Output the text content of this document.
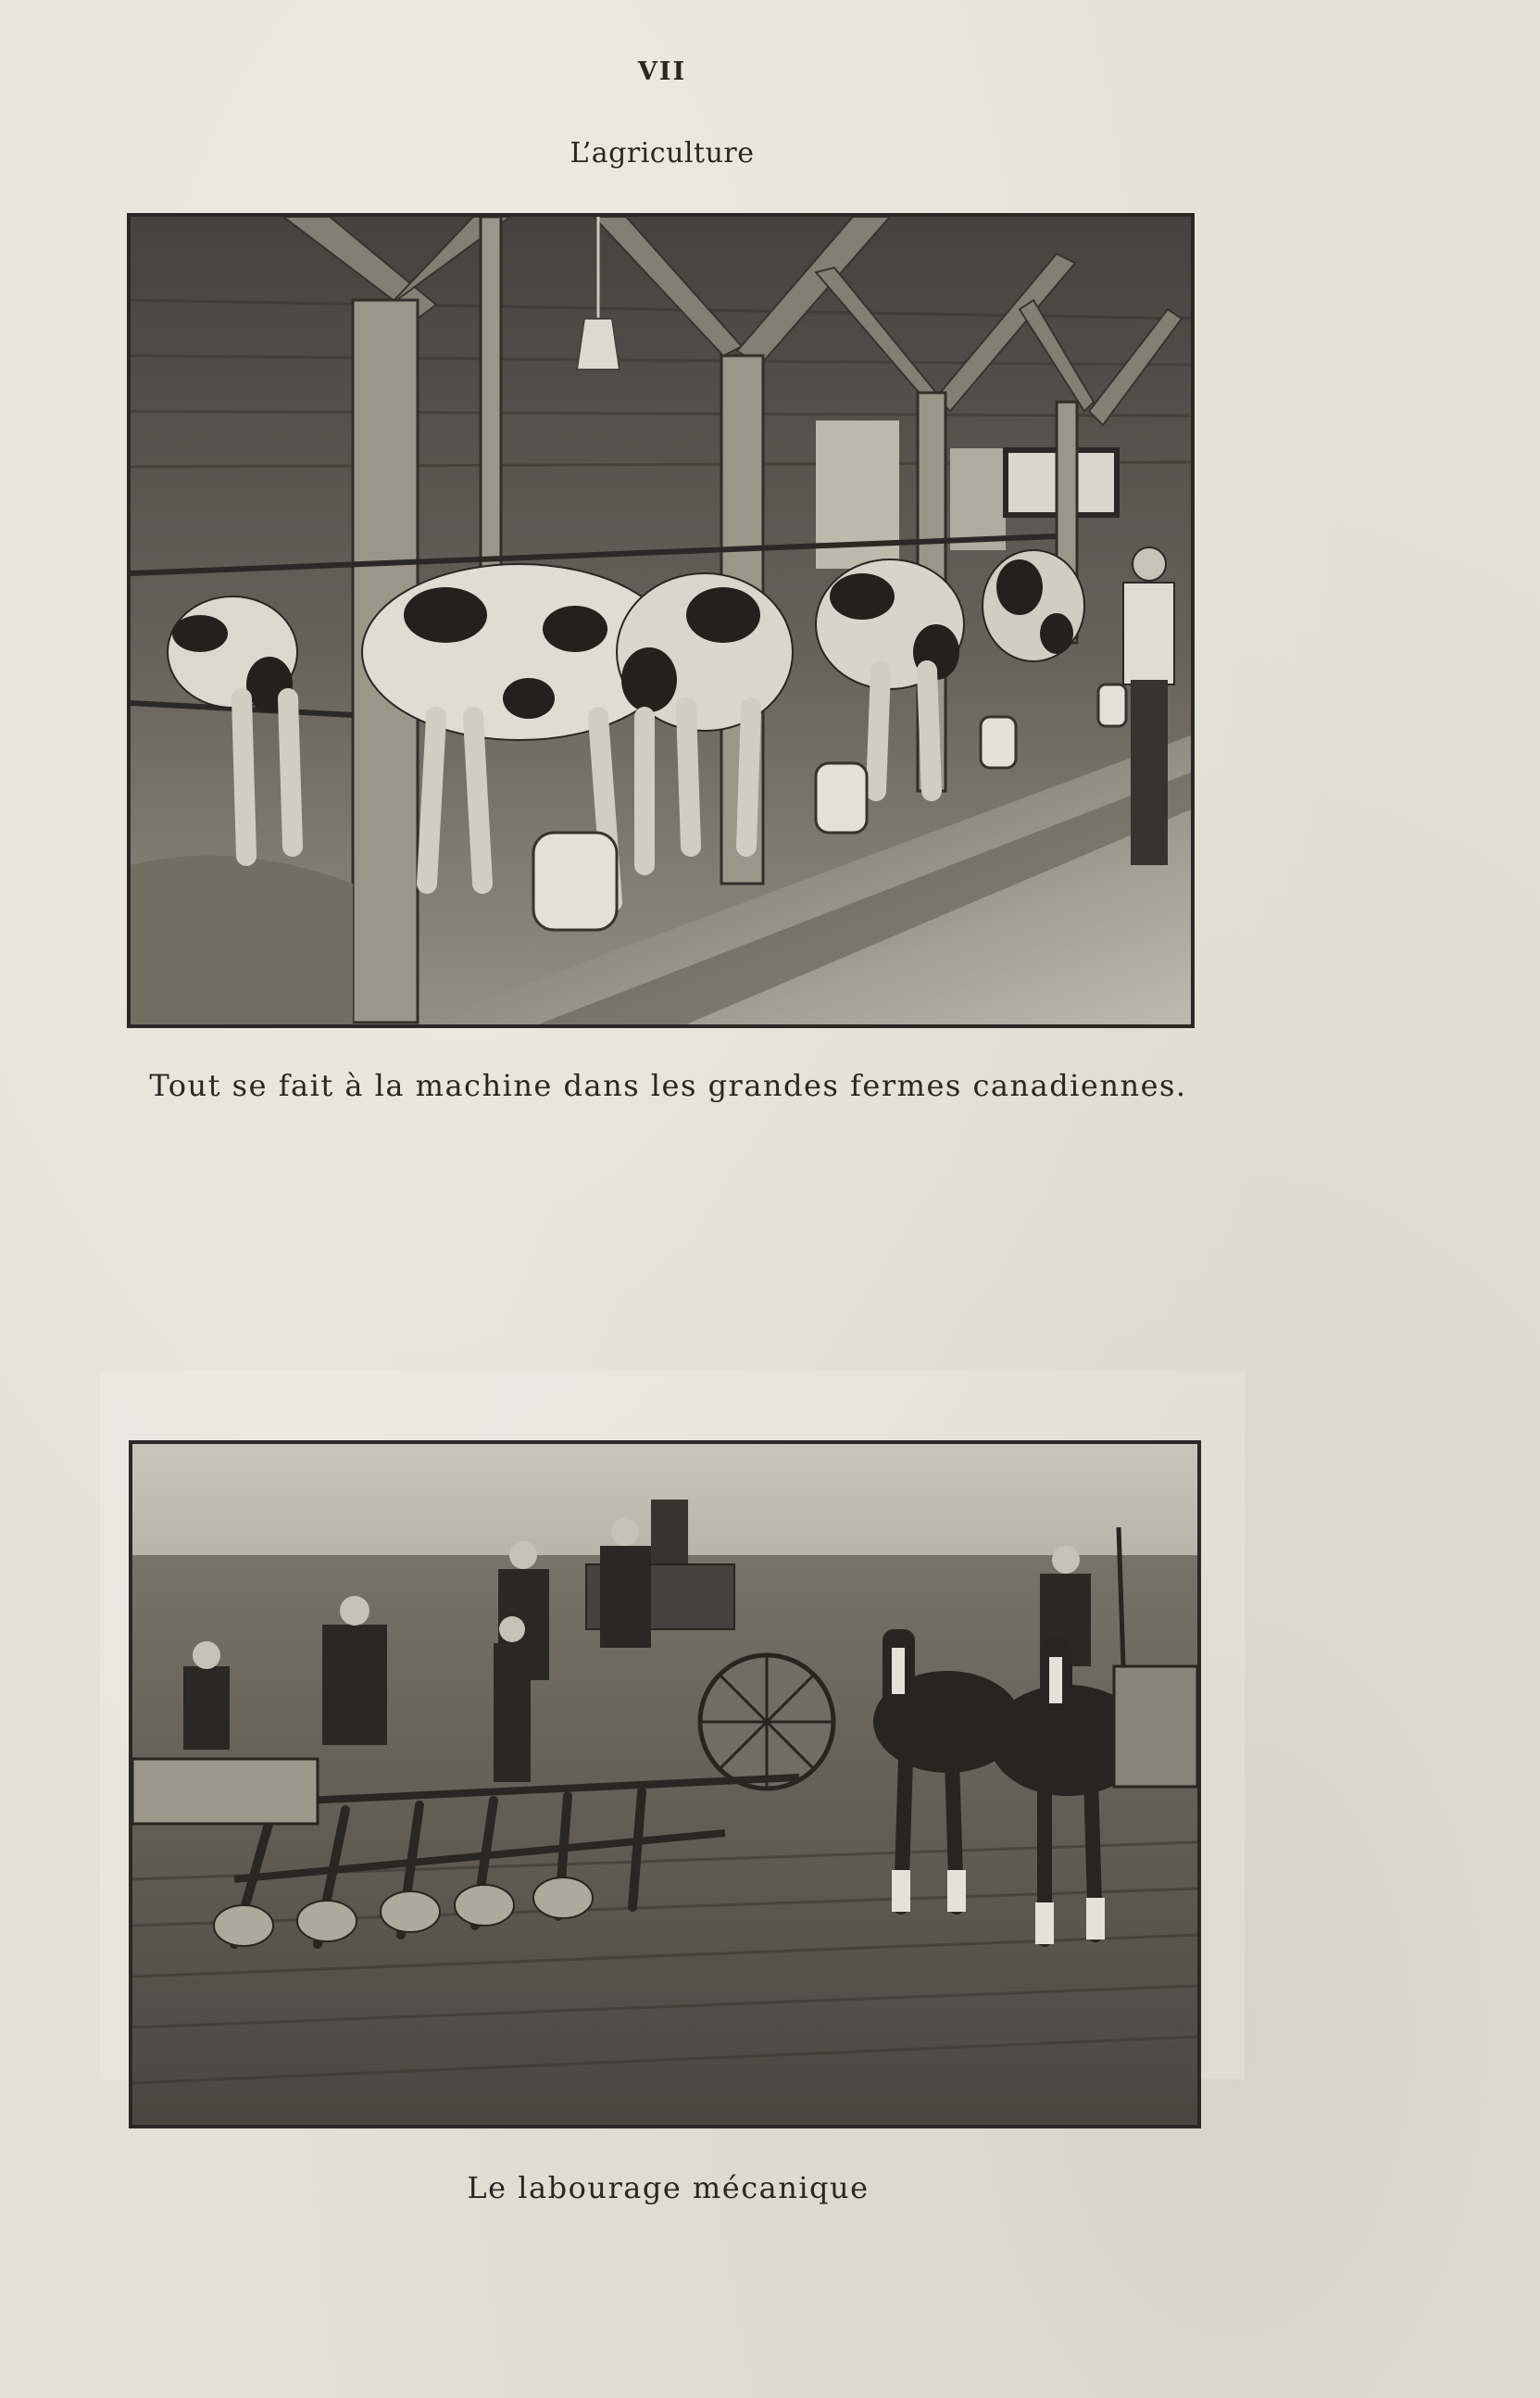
VII
L’agriculture
Tout se fait à la machine dans les grandes fermes canadiennes.
Le labourage mécanique
